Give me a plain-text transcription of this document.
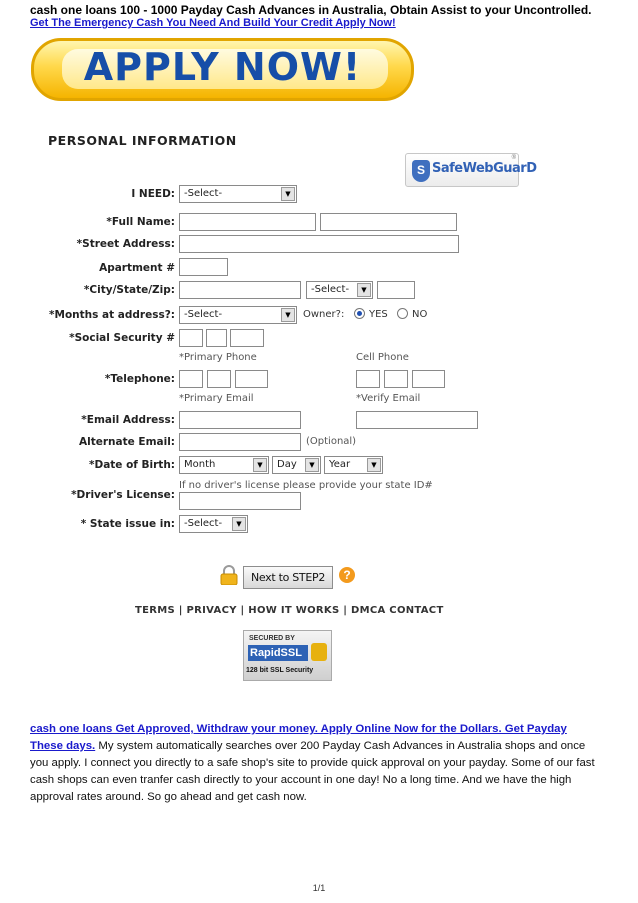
cash one loans 100 - 1000 Payday Cash Advances in Australia, Obtain Assist to your Uncontrolled.
Get The Emergency Cash You Need And Build Your Credit Apply Now!
APPLY NOW!
PERSONAL INFORMATION
S SafeWebGuarD
®
I NEED: -Select-	▼
*Full Name:
*Street Address:
Apartment #
*City/State/Zip:	-Select-	▼
*Months at address?: -Select-	▼	Owner?: YES NO
*Social Security #
*Primary Phone	Cell Phone
*Telephone:
*Primary Email	*Verify Email
*Email Address:
Alternate Email:	(Optional)
*Date of Birth: Month	▼	Day	▼	Year	▼
If no driver's license please provide your state ID#
*Driver's License:
* State issue in: -Select-	▼
Next to STEP2	?
TERMS | PRIVACY | HOW IT WORKS | DMCA CONTACT
SECURED BY
RapidSSL
128 bit SSL Security
cash one loans Get Approved, Withdraw your money. Apply Online Now for the Dollars. Get Payday These days. My system automatically searches over 200 Payday Cash Advances in Australia shops and once you apply. I connect you directly to a safe shop's site to provide quick approval on your payday. Some of our fast cash shops can even tranfer cash directly to your account in one day! No a long time. And we have the high approval rates around. So go ahead and get cash now.
1/1
